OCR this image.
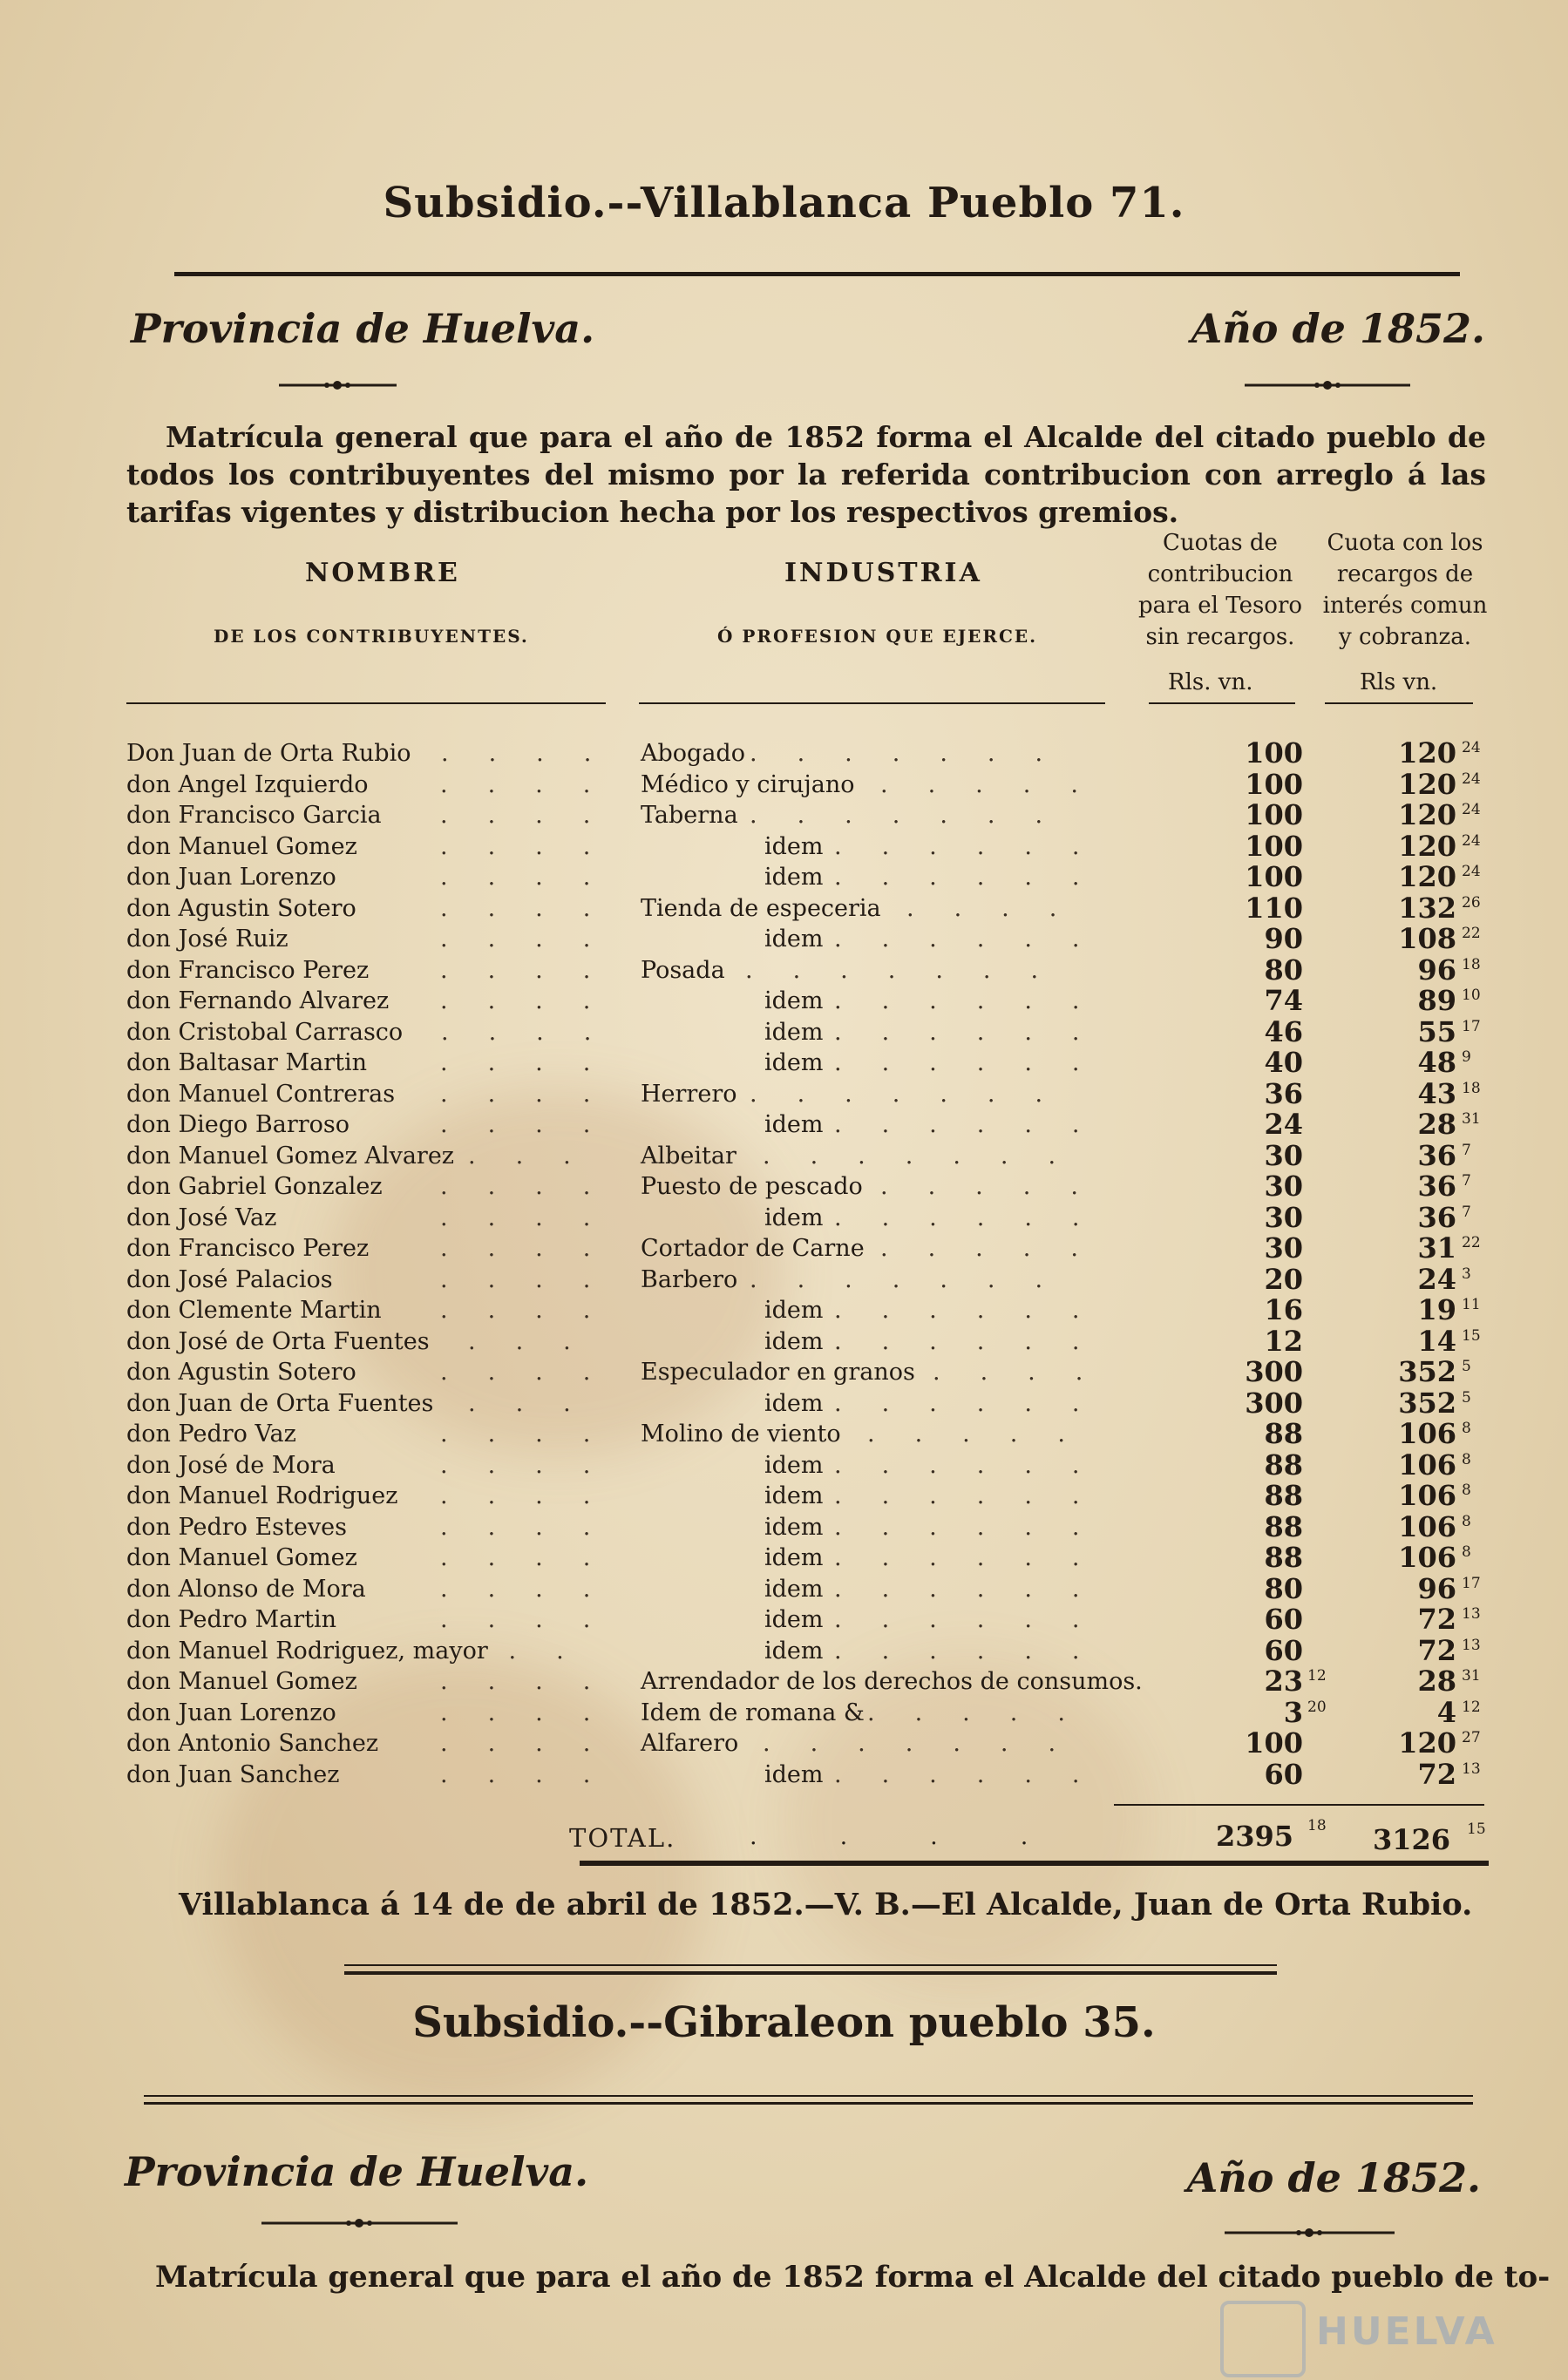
Subsidio.--Villablanca Pueblo 71.
Provincia de Huelva.	Año de 1852.
Matrícula general que para el año de 1852 forma el Alcalde del citado pueblo de todos los contribuyentes del mismo por la referida contribucion con arreglo á las tarifas vigentes y distribucion hecha por los respectivos gremios.
NOMBRE
DE LOS CONTRIBUYENTES.
INDUSTRIA
Ó PROFESION QUE EJERCE.
Cuotas de contribucion para el Tesoro sin recargos.
Cuota con los recargos de interés comun y cobranza.
Rls. vn.	Rls vn.
Don Juan de Orta Rubio .... Abogado .......	100	120 24
don Angel Izquierdo	.... Médico y cirujano .....	100	120 24
don Francisco Garcia .... Taberna .......	100	120 24
don Manuel Gomez	....	idem ......	100	120 24
don Juan Lorenzo	....	idem ......	100	120 24
don Agustin Sotero	.... Tienda de especeria ....	110	132 26
don José Ruiz	....	idem ......	90	108 22
don Francisco Perez	.... Posada .......	80	96 18
don Fernando Alvarez ....	idem ......	74	89 10
don Cristobal Carrasco ....	idem ......	46	55 17
don Baltasar Martin	....	idem ......	40	48 9
don Manuel Contreras .... Herrero .......	36	43 18
don Diego Barroso	....	idem ......	24	28 31
don Manuel Gomez Alvarez ... Albeitar .......	30	36 7
don Gabriel Gonzalez .... Puesto de pescado .....	30	36 7
don José Vaz	....	idem ......	30	36 7
don Francisco Perez	.... Cortador de Carne .....	30	31 22
don José Palacios	.... Barbero .......	20	24 3
don Clemente Martin ....	idem ......	16	19 11
don José de Orta Fuentes ...	idem ......	12	14 15
don Agustin Sotero	.... Especulador en granos ....	300	352 5
don Juan de Orta Fuentes ...	idem ......	300	352 5
don Pedro Vaz	.... Molino de viento .....	88	106 8
don José de Mora	....	idem ......	88	106 8
don Manuel Rodriguez ....	idem ......	88	106 8
don Pedro Esteves	....	idem ......	88	106 8
don Manuel Gomez	....	idem ......	88	106 8
don Alonso de Mora	....	idem ......	80	96 17
don Pedro Martin	....	idem ......	60	72 13
don Manuel Rodriguez, mayor ..	idem ......	60	72 13
don Manuel Gomez	.... Arrendador de los derechos de consumos.	23 12	28 31
don Juan Lorenzo	.... Idem de romana & .....	3 20	4 12
don Antonio Sanchez	.... Alfarero .......	100	120 27
don Juan Sanchez	....	idem ......	60	72 13
TOTAL.	....	2395 18 3126 15
Villablanca á 14 de de abril de 1852.—V. B.—El Alcalde, Juan de Orta Rubio.
Subsidio.--Gibraleon pueblo 35.
Provincia de Huelva.	Año de 1852.
Matrícula general que para el año de 1852 forma el Alcalde del citado pueblo de to-
HUELVA
